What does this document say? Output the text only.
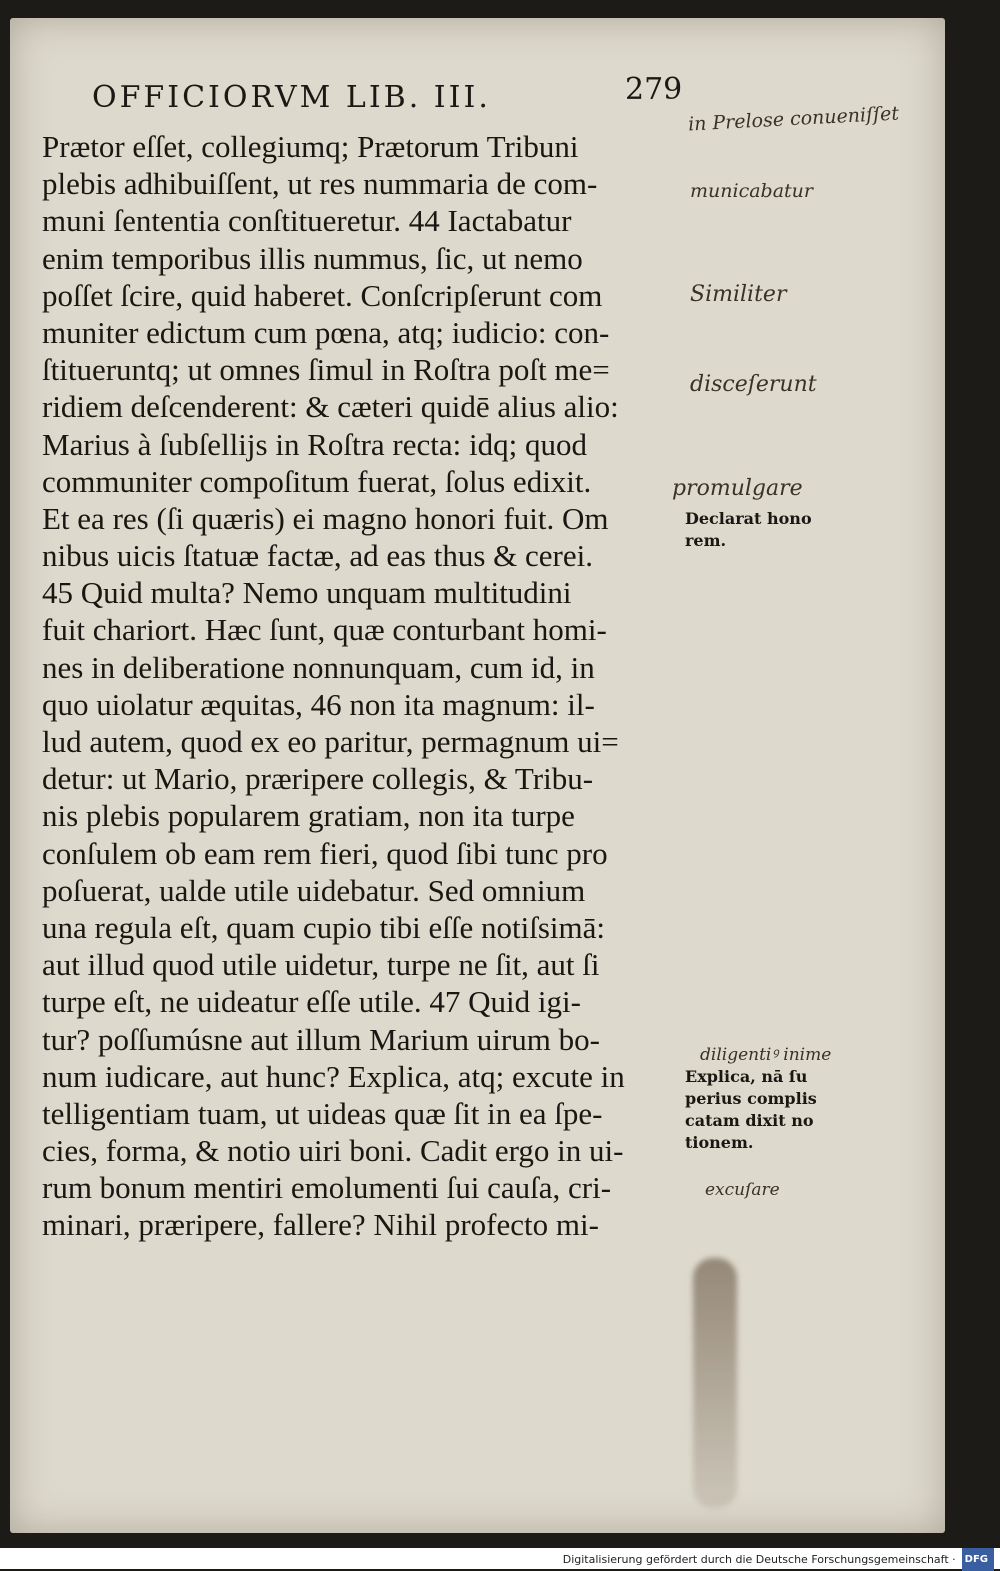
OFFICIORVM LIB. III.	279
Prætor eſſet, collegiumq; Prætorum Tribuni
plebis adhibuiſſent, ut res nummaria de com-
muni ſententia conſtitueretur. 44 Iactabatur
enim temporibus illis nummus, ſic, ut nemo
poſſet ſcire, quid haberet. Conſcripſerunt com
muniter edictum cum pœna, atq; iudicio: con-
ſtitueruntq; ut omnes ſimul in Roſtra poſt me=
ridiem deſcenderent: & cæteri quidē alius alio:
Marius à ſubſellijs in Roſtra recta: idq; quod
communiter compoſitum fuerat, ſolus edixit.
Et ea res (ſi quæris) ei magno honori fuit. Om
nibus uicis ſtatuæ factæ, ad eas thus & cerei.
45 Quid multa? Nemo unquam multitudini
fuit chariort. Hæc ſunt, quæ conturbant homi-
nes in deliberatione nonnunquam, cum id, in
quo uiolatur æquitas, 46 non ita magnum: il-
lud autem, quod ex eo paritur, permagnum ui=
detur: ut Mario, præripere collegis, & Tribu-
nis plebis popularem gratiam, non ita turpe
conſulem ob eam rem fieri, quod ſibi tunc pro
poſuerat, ualde utile uidebatur. Sed omnium
una regula eſt, quam cupio tibi eſſe notiſsimā:
aut illud quod utile uidetur, turpe ne ſit, aut ſi
turpe eſt, ne uideatur eſſe utile. 47 Quid igi-
tur? poſſumúsne aut illum Marium uirum bo-
num iudicare, aut hunc? Explica, atq; excute in
telligentiam tuam, ut uideas quæ ſit in ea ſpe-
cies, forma, & notio uiri boni. Cadit ergo in ui-
rum bonum mentiri emolumenti ſui cauſa, cri-
minari, præripere, fallere? Nihil profecto mi-
Declarat hono
rem.
Explica, nā ſu
perius complis
catam dixit no
tionem.
in Prelose conueniſſet
municabatur
Similiter
disceſerunt
promulgare
diligentiꝰ inime
excuſare
Digitalisierung gefördert durch die Deutsche Forschungsgemeinschaft · DFG
